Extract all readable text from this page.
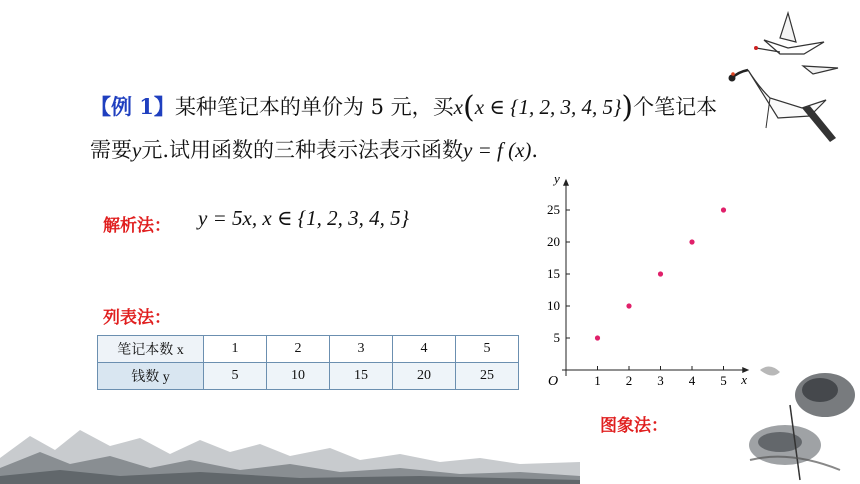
【例 1】某种笔记本的单价为 5 元，买x(x ∈ {1, 2, 3, 4, 5})个笔记本
需要y元.试用函数的三种表示法表示函数y = f (x).
解析法： y = 5x, x ∈ {1, 2, 3, 4, 5}
列表法：
笔记本数 x	1	2	3	4	5
钱数 y	5	10	15	20	25	x
y
O	1 2 3 4 5
5
10
15
20
25
图象法：
